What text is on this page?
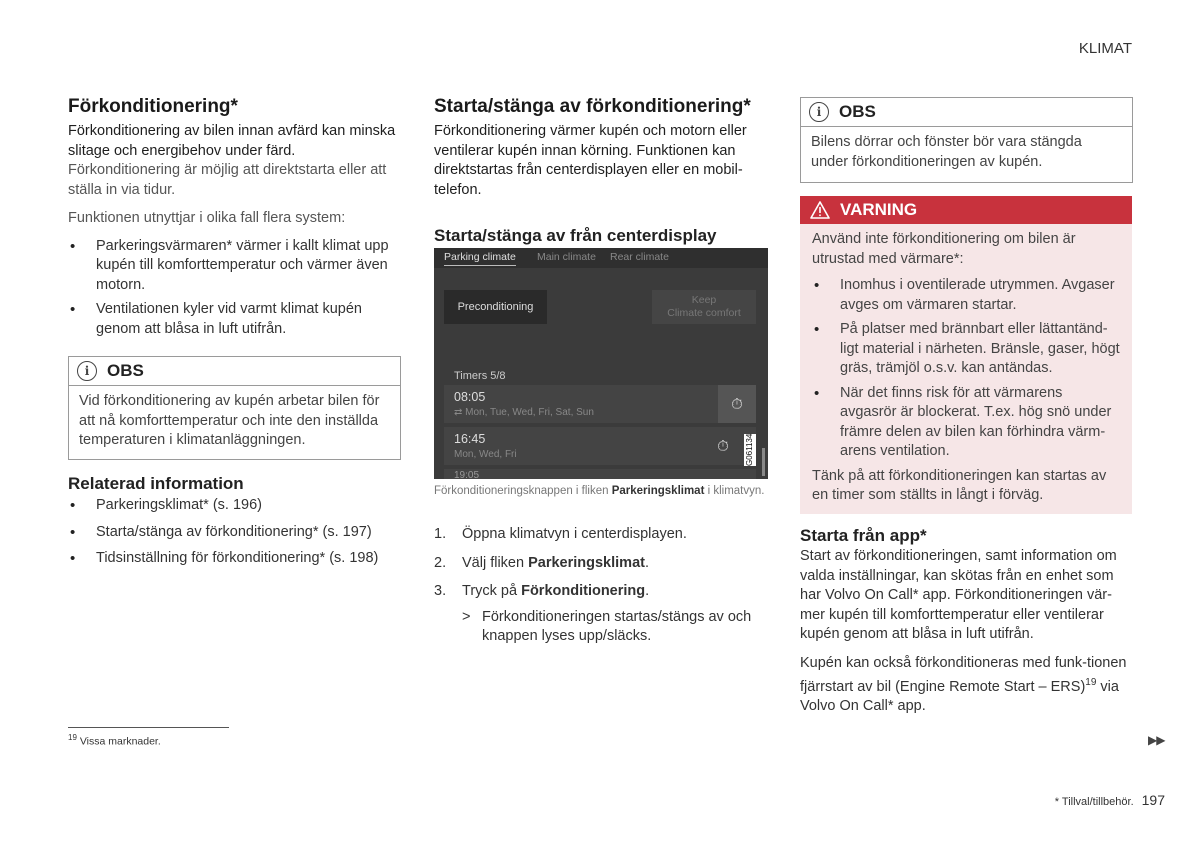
KLIMAT
Förkonditionering*
Förkonditionering av bilen innan avfärd kan minska slitage och energibehov under färd.
Förkonditionering är möjlig att direktstarta eller att ställa in via tidur.
Funktionen utnyttjar i olika fall flera system:
• Parkeringsvärmaren* värmer i kallt klimat upp kupén till komforttemperatur och värmer även motorn.
• Ventilationen kyler vid varmt klimat kupén genom att blåsa in luft utifrån.
i	OBS
Vid förkonditionering av kupén arbetar bilen för att nå komforttemperatur och inte den inställda temperaturen i klimatanläggningen.
Relaterad information
• Parkeringsklimat* (s. 196)
• Starta/stänga av förkonditionering* (s. 197)
• Tidsinställning för förkonditionering* (s. 198)
Starta/stänga av förkonditionering*
Förkonditionering värmer kupén och motorn eller ventilerar kupén innan körning. Funktionen kan direktstartas från centerdisplayen eller en mobil-telefon.
Starta/stänga av från centerdisplay
Parking climate Main climate Rear climate
Preconditioning
Keep
Climate comfort
Timers 5/8
08:05
⇄ Mon, Tue, Wed, Fri, Sat, Sun	⏱
16:45
Mon, Wed, Fri	⏱
19:05
G061134
Förkonditioneringsknappen i fliken Parkeringsklimat i klimatvyn.
1. Öppna klimatvyn i centerdisplayen.
2. Välj fliken Parkeringsklimat.
3. Tryck på Förkonditionering.
> Förkonditioneringen startas/stängs av och knappen lyses upp/släcks.
i	OBS
Bilens dörrar och fönster bör vara stängda under förkonditioneringen av kupén.
VARNING
Använd inte förkonditionering om bilen är utrustad med värmare*:
• Inomhus i oventilerade utrymmen. Avgaser avges om värmaren startar.
• På platser med brännbart eller lättantänd-ligt material i närheten. Bränsle, gaser, högt gräs, trämjöl o.s.v. kan antändas.
• När det finns risk för att värmarens avgasrör är blockerat. T.ex. hög snö under främre delen av bilen kan förhindra värm-arens ventilation.
Tänk på att förkonditioneringen kan startas av en timer som ställts in långt i förväg.
Starta från app*
Start av förkonditioneringen, samt information om valda inställningar, kan skötas från en enhet som har Volvo On Call* app. Förkonditioneringen vär-mer kupén till komforttemperatur eller ventilerar kupén genom att blåsa in luft utifrån.
Kupén kan också förkonditioneras med funk-tionen fjärrstart av bil (Engine Remote Start – ERS)$^{19}$ via Volvo On Call* app.
$^{19}$ Vissa marknader.	▶▶
* Tillval/tillbehör. 197
